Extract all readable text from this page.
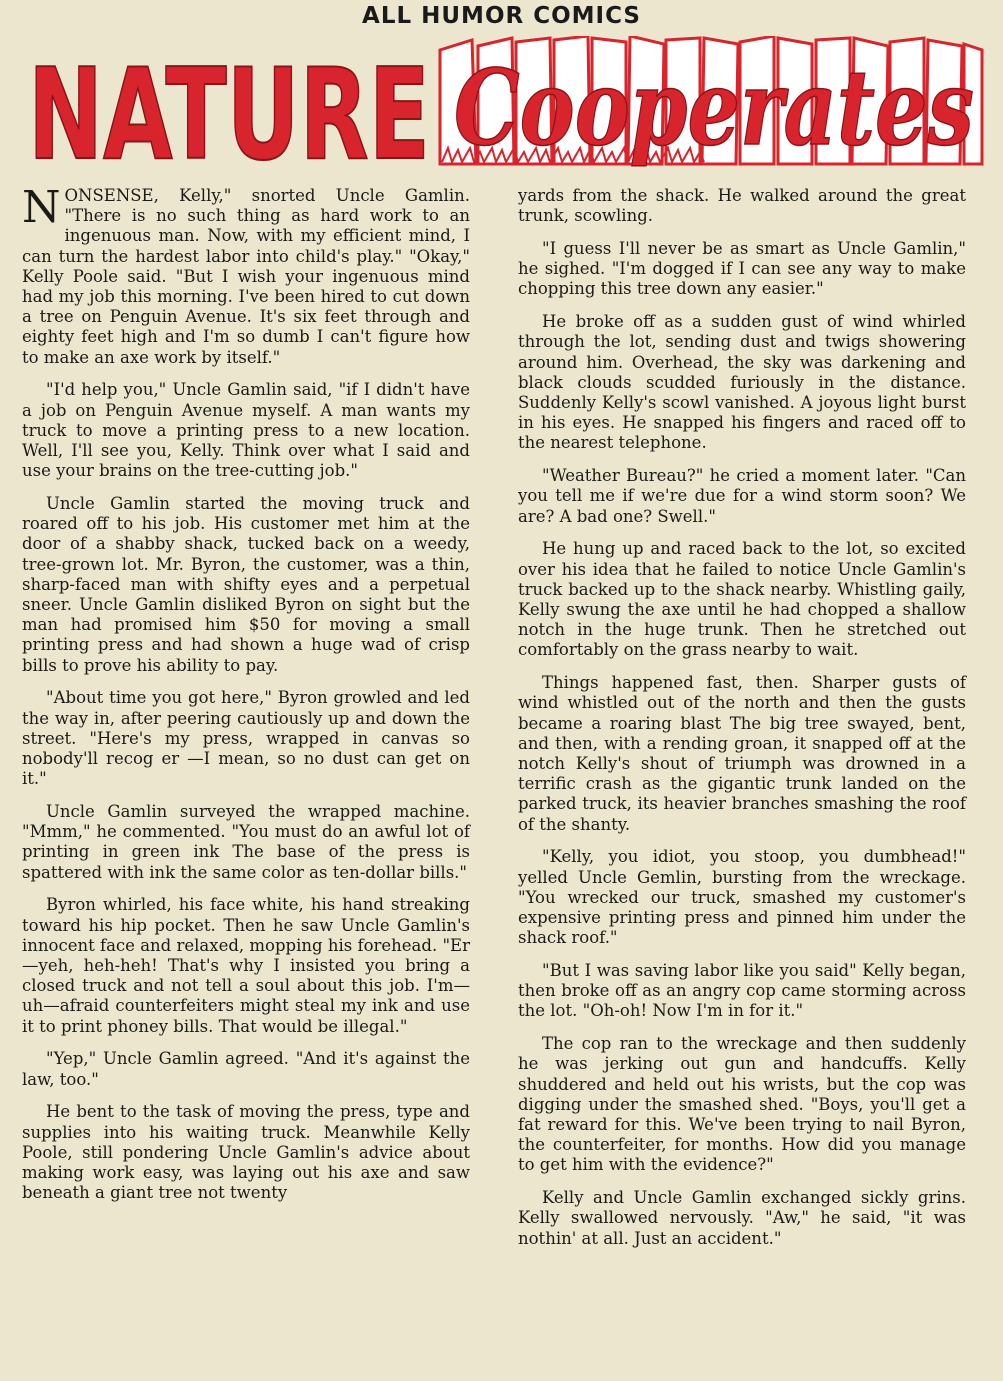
ALL HUMOR COMICS
NATURE Cooperates

NONSENSE, Kelly," snorted Uncle Gamlin. "There is no such thing as hard work to an ingenuous man. Now, with my efficient mind, I can turn the hardest labor into child's play." "Okay," Kelly Poole said. "But I wish your ingenuous mind had my job this morning. I've been hired to cut down a tree on Penguin Avenue. It's six feet through and eighty feet high and I'm so dumb I can't figure how to make an axe work by itself."

"I'd help you," Uncle Gamlin said, "if I didn't have a job on Penguin Avenue myself. A man wants my truck to move a printing press to a new location. Well, I'll see you, Kelly. Think over what I said and use your brains on the tree-cutting job."

Uncle Gamlin started the moving truck and roared off to his job. His customer met him at the door of a shabby shack, tucked back on a weedy, tree-grown lot. Mr. Byron, the customer, was a thin, sharp-faced man with shifty eyes and a perpetual sneer. Uncle Gamlin disliked Byron on sight but the man had promised him $50 for moving a small printing press and had shown a huge wad of crisp bills to prove his ability to pay.

"About time you got here," Byron growled and led the way in, after peering cautiously up and down the street. "Here's my press, wrapped in canvas so nobody'll recog er —I mean, so no dust can get on it."

Uncle Gamlin surveyed the wrapped machine. "Mmm," he commented. "You must do an awful lot of printing in green ink The base of the press is spattered with ink the same color as ten-dollar bills."

Byron whirled, his face white, his hand streaking toward his hip pocket. Then he saw Uncle Gamlin's innocent face and relaxed, mopping his forehead. "Er—yeh, heh-heh! That's why I insisted you bring a closed truck and not tell a soul about this job. I'm—uh—afraid counterfeiters might steal my ink and use it to print phoney bills. That would be illegal."

"Yep," Uncle Gamlin agreed. "And it's against the law, too."

He bent to the task of moving the press, type and supplies into his waiting truck. Meanwhile Kelly Poole, still pondering Uncle Gamlin's advice about making work easy, was laying out his axe and saw beneath a giant tree not twenty

yards from the shack. He walked around the great trunk, scowling.

"I guess I'll never be as smart as Uncle Gamlin," he sighed. "I'm dogged if I can see any way to make chopping this tree down any easier."

He broke off as a sudden gust of wind whirled through the lot, sending dust and twigs showering around him. Overhead, the sky was darkening and black clouds scudded furiously in the distance. Suddenly Kelly's scowl vanished. A joyous light burst in his eyes. He snapped his fingers and raced off to the nearest telephone.

"Weather Bureau?" he cried a moment later. "Can you tell me if we're due for a wind storm soon? We are? A bad one? Swell."

He hung up and raced back to the lot, so excited over his idea that he failed to notice Uncle Gamlin's truck backed up to the shack nearby. Whistling gaily, Kelly swung the axe until he had chopped a shallow notch in the huge trunk. Then he stretched out comfortably on the grass nearby to wait.

Things happened fast, then. Sharper gusts of wind whistled out of the north and then the gusts became a roaring blast The big tree swayed, bent, and then, with a rending groan, it snapped off at the notch Kelly's shout of triumph was drowned in a terrific crash as the gigantic trunk landed on the parked truck, its heavier branches smashing the roof of the shanty.

"Kelly, you idiot, you stoop, you dumbhead!" yelled Uncle Gemlin, bursting from the wreckage. "You wrecked our truck, smashed my customer's expensive printing press and pinned him under the shack roof."

"But I was saving labor like you said" Kelly began, then broke off as an angry cop came storming across the lot. "Oh-oh! Now I'm in for it."

The cop ran to the wreckage and then suddenly he was jerking out gun and handcuffs. Kelly shuddered and held out his wrists, but the cop was digging under the smashed shed. "Boys, you'll get a fat reward for this. We've been trying to nail Byron, the counterfeiter, for months. How did you manage to get him with the evidence?"

Kelly and Uncle Gamlin exchanged sickly grins. Kelly swallowed nervously. "Aw," he said, "it was nothin' at all. Just an accident."
